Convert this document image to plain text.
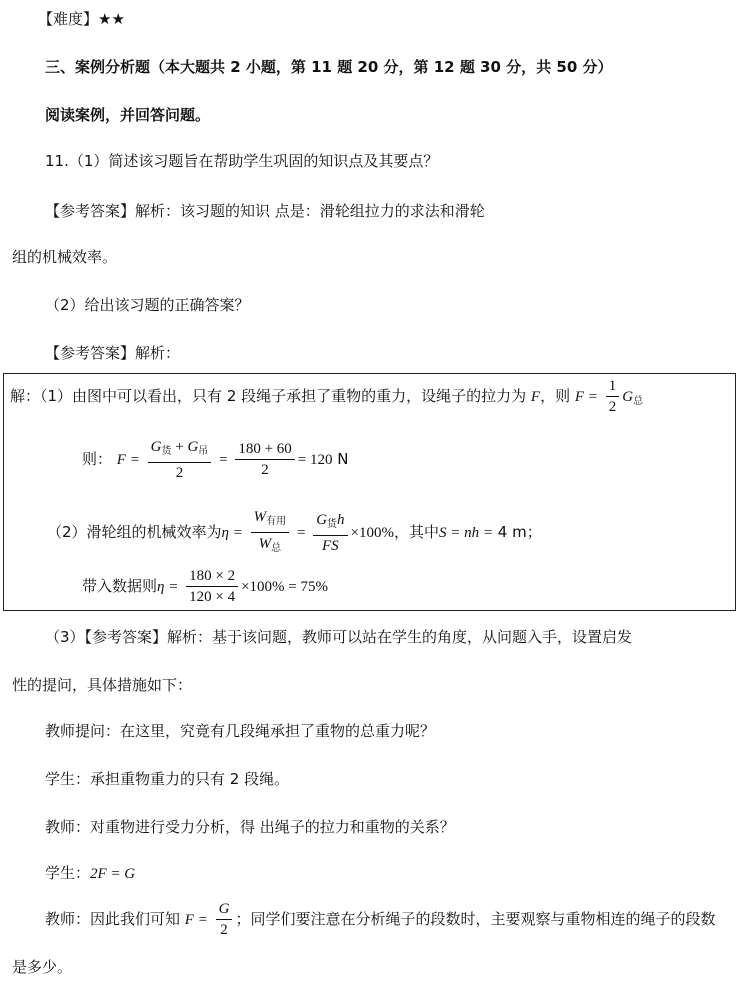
【难度】★★
三、案例分析题（本大题共 2 小题，第 11 题 20 分，第 12 题 30 分，共 50 分）
阅读案例，并回答问题。
11.（1）简述该习题旨在帮助学生巩固的知识点及其要点？
【参考答案】解析：该习题的知识 点是：滑轮组拉力的求法和滑轮
组的机械效率。
（2）给出该习题的正确答案？
【参考答案】解析：
解：（1）由图中可以看出，只有 2 段绳子承担了重物的重力，设绳子的拉力为 F，则 $F = \frac{1}{2} G_总$
则： $F = \frac{G_货 + G_吊}{2} = \frac{180 + 60}{2} = 120$ N
（2）滑轮组的机械效率为$\eta = \frac{W_{有用}}{W_总} = \frac{G_货h}{FS} \times 100\%$，其中S = nh = 4 m；
带入数据则$\eta = \frac{180 \times 2}{120 \times 4} \times 100\% = 75\%$
（3）【参考答案】解析：基于该问题，教师可以站在学生的角度，从问题入手，设置启发
性的提问，具体措施如下：
教师提问：在这里，究竟有几段绳承担了重物的总重力呢？
学生：承担重物重力的只有 2 段绳。
教师：对重物进行受力分析，得 出绳子的拉力和重物的关系？
学生：2F = G
教师：因此我们可知 $F = \frac{G}{2}$ ；同学们要注意在分析绳子的段数时，主要观察与重物相连的绳子的段数
是多少。
